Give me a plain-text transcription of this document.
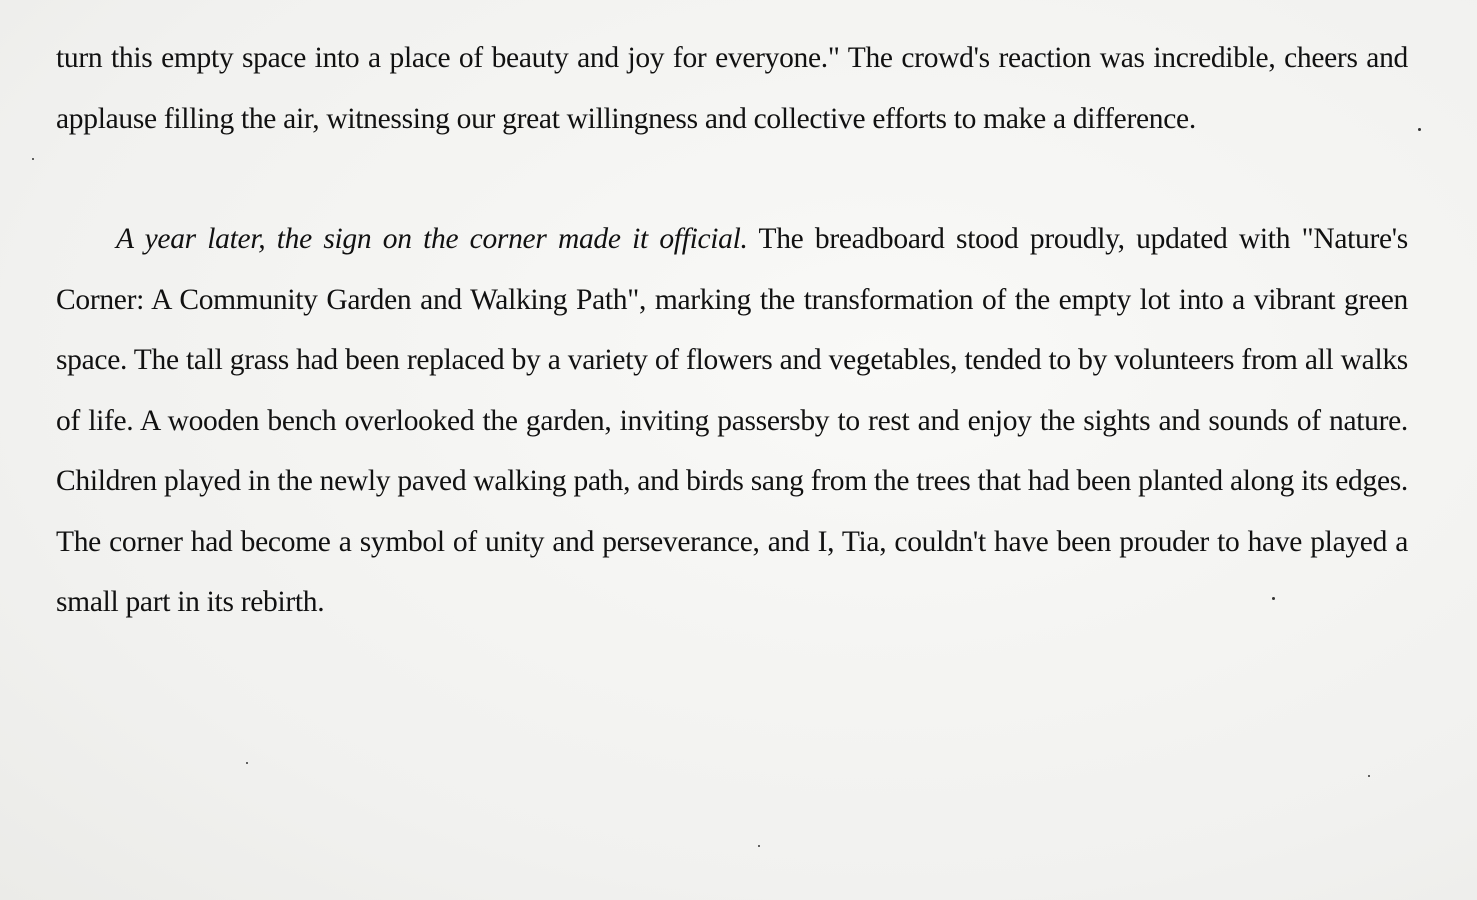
turn this empty space into a place of beauty and joy for everyone." The crowd's reaction was incredible, cheers and applause filling the air, witnessing our great willingness and collective efforts to make a difference.

A year later, the sign on the corner made it official. The breadboard stood proudly, updated with "Nature's Corner: A Community Garden and Walking Path", marking the transformation of the empty lot into a vibrant green space. The tall grass had been replaced by a variety of flowers and vegetables, tended to by volunteers from all walks of life. A wooden bench overlooked the garden, inviting passersby to rest and enjoy the sights and sounds of nature. Children played in the newly paved walking path, and birds sang from the trees that had been planted along its edges. The corner had become a symbol of unity and perseverance, and I, Tia, couldn't have been prouder to have played a small part in its rebirth.
